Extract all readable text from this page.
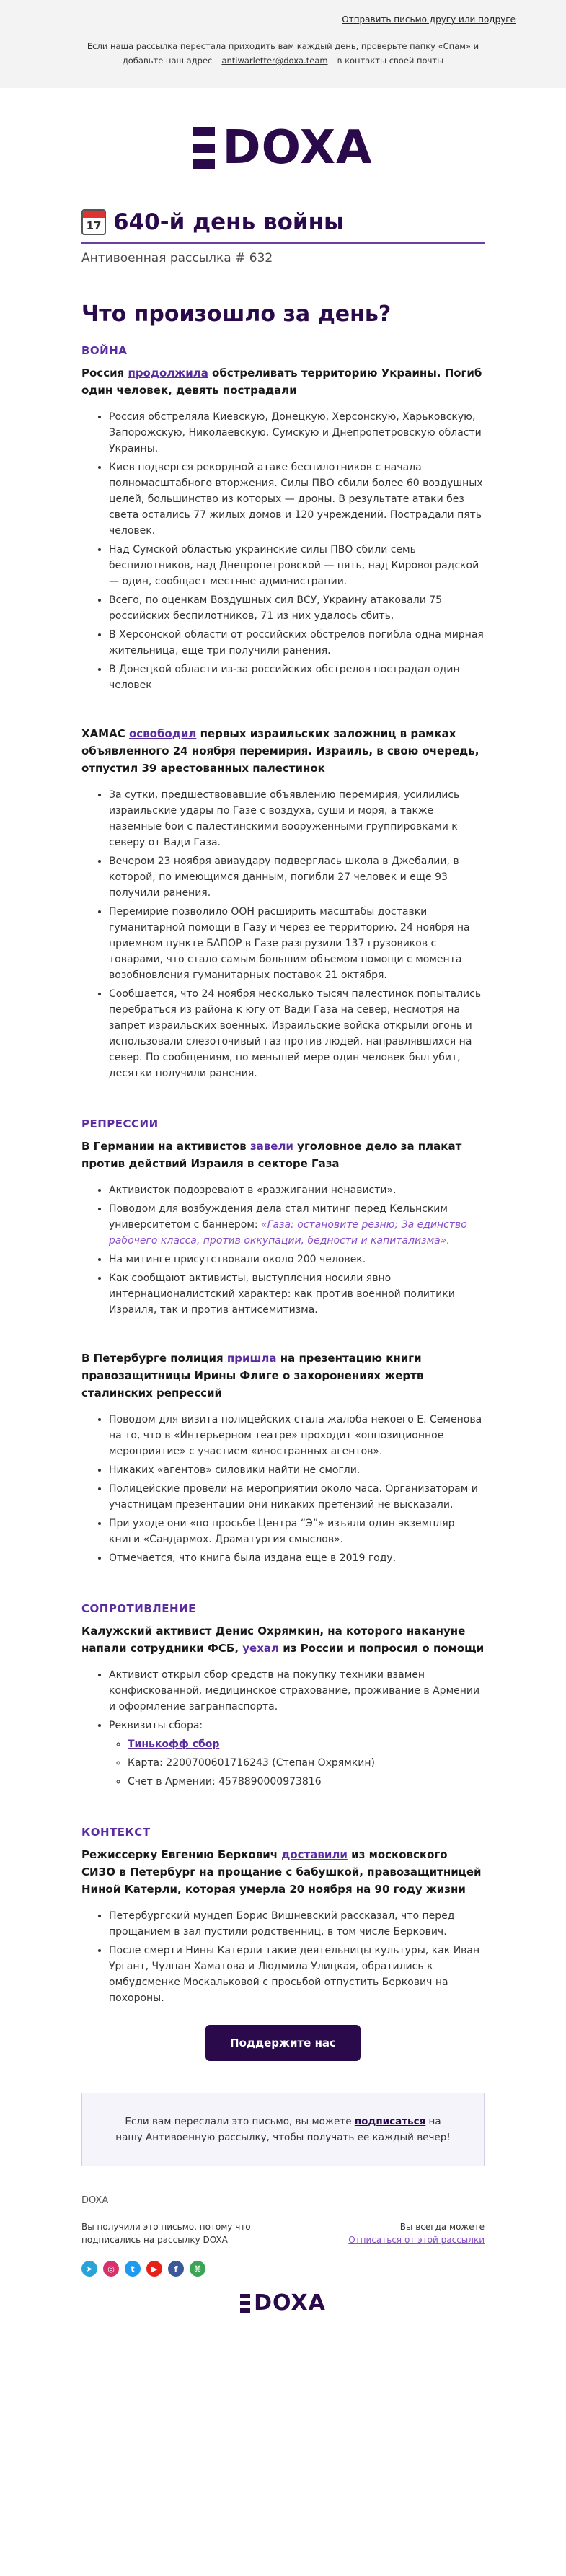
Отправить письмо другу или подруге
Если наша рассылка перестала приходить вам каждый день, проверьте папку «Спам» и
добавьте наш адрес – antiwarletter@doxa.team – в контакты своей почты
DOXA
17 640-й день войны
Антивоенная рассылка # 632
Что произошло за день?
ВОЙНА
Россия продолжила обстреливать территорию Украины. Погиб один человек, девять пострадали
• Россия обстреляла Киевскую, Донецкую, Херсонскую, Харьковскую, Запорожскую, Николаевскую, Сумскую и Днепропетровскую области Украины.
• Киев подвергся рекордной атаке беспилотников с начала полномасштабного вторжения. Силы ПВО сбили более 60 воздушных целей, большинство из которых — дроны. В результате атаки без света остались 77 жилых домов и 120 учреждений. Пострадали пять человек.
• Над Сумской областью украинские силы ПВО сбили семь беспилотников, над Днепропетровской — пять, над Кировоградской — один, сообщает местные администрации.
• Всего, по оценкам Воздушных сил ВСУ, Украину атаковали 75 российских беспилотников, 71 из них удалось сбить.
• В Херсонской области от российских обстрелов погибла одна мирная жительница, еще три получили ранения.
• В Донецкой области из-за российских обстрелов пострадал один человек
ХАМАС освободил первых израильских заложниц в рамках объявленного 24 ноября перемирия. Израиль, в свою очередь, отпустил 39 арестованных палестинок
• За сутки, предшествовавшие объявлению перемирия, усилились израильские удары по Газе с воздуха, суши и моря, а также наземные бои с палестинскими вооруженными группировками к северу от Вади Газа.
• Вечером 23 ноября авиаудару подверглась школа в Джебалии, в которой, по имеющимся данным, погибли 27 человек и еще 93 получили ранения.
• Перемирие позволило ООН расширить масштабы доставки гуманитарной помощи в Газу и через ее территорию. 24 ноября на приемном пункте БАПОР в Газе разгрузили 137 грузовиков с товарами, что стало самым большим объемом помощи с момента возобновления гуманитарных поставок 21 октября.
• Сообщается, что 24 ноября несколько тысяч палестинок попытались перебраться из района к югу от Вади Газа на север, несмотря на запрет израильских военных. Израильские войска открыли огонь и использовали слезоточивый газ против людей, направлявшихся на север. По сообщениям, по меньшей мере один человек был убит, десятки получили ранения.
РЕПРЕССИИ
В Германии на активистов завели уголовное дело за плакат против действий Израиля в секторе Газа
• Активисток подозревают в «разжигании ненависти».
• Поводом для возбуждения дела стал митинг перед Кельнским университетом с баннером: «Газа: остановите резню; За единство рабочего класса, против оккупации, бедности и капитализма».
• На митинге присутствовали около 200 человек.
• Как сообщают активисты, выступления носили явно интернационалистский характер: как против военной политики Израиля, так и против антисемитизма.
В Петербурге полиция пришла на презентацию книги правозащитницы Ирины Флиге о захоронениях жертв сталинских репрессий
• Поводом для визита полицейских стала жалоба некоего Е. Семенова на то, что в «Интерьерном театре» проходит «оппозиционное мероприятие» с участием «иностранных агентов».
• Никаких «агентов» силовики найти не смогли.
• Полицейские провели на мероприятии около часа. Организаторам и участницам презентации они никаких претензий не высказали.
• При уходе они «по просьбе Центра “Э”» изъяли один экземпляр книги «Сандармох. Драматургия смыслов».
• Отмечается, что книга была издана еще в 2019 году.
СОПРОТИВЛЕНИЕ
Калужский активист Денис Охрямкин, на которого накануне напали сотрудники ФСБ, уехал из России и попросил о помощи
• Активист открыл сбор средств на покупку техники взамен конфискованной, медицинское страхование, проживание в Армении и оформление загранпаспорта.
• Реквизиты сбора:
◦ Тинькофф сбор
◦ Карта: 2200700601716243 (Степан Охрямкин)
◦ Счет в Армении: 4578890000973816
КОНТЕКСТ
Режиссерку Евгению Беркович доставили из московского СИЗО в Петербург на прощание с бабушкой, правозащитницей Ниной Катерли, которая умерла 20 ноября на 90 году жизни
• Петербургский мундеп Борис Вишневский рассказал, что перед прощанием в зал пустили родственниц, в том числе Беркович.
• После смерти Нины Катерли такие деятельницы культуры, как Иван Ургант, Чулпан Хаматова и Людмила Улицкая, обратились к омбудсменке Москальковой с просьбой отпустить Беркович на похороны.
Поддержите нас
Если вам переслали это письмо, вы можете подписаться на нашу Антивоенную рассылку, чтобы получать ее каждый вечер!
DOXA
Вы получили это письмо, потому что подписались на рассылку DOXA
Вы всегда можете
Отписаться от этой рассылки
➤	◎	t	▶	f	⌘
DOXA
